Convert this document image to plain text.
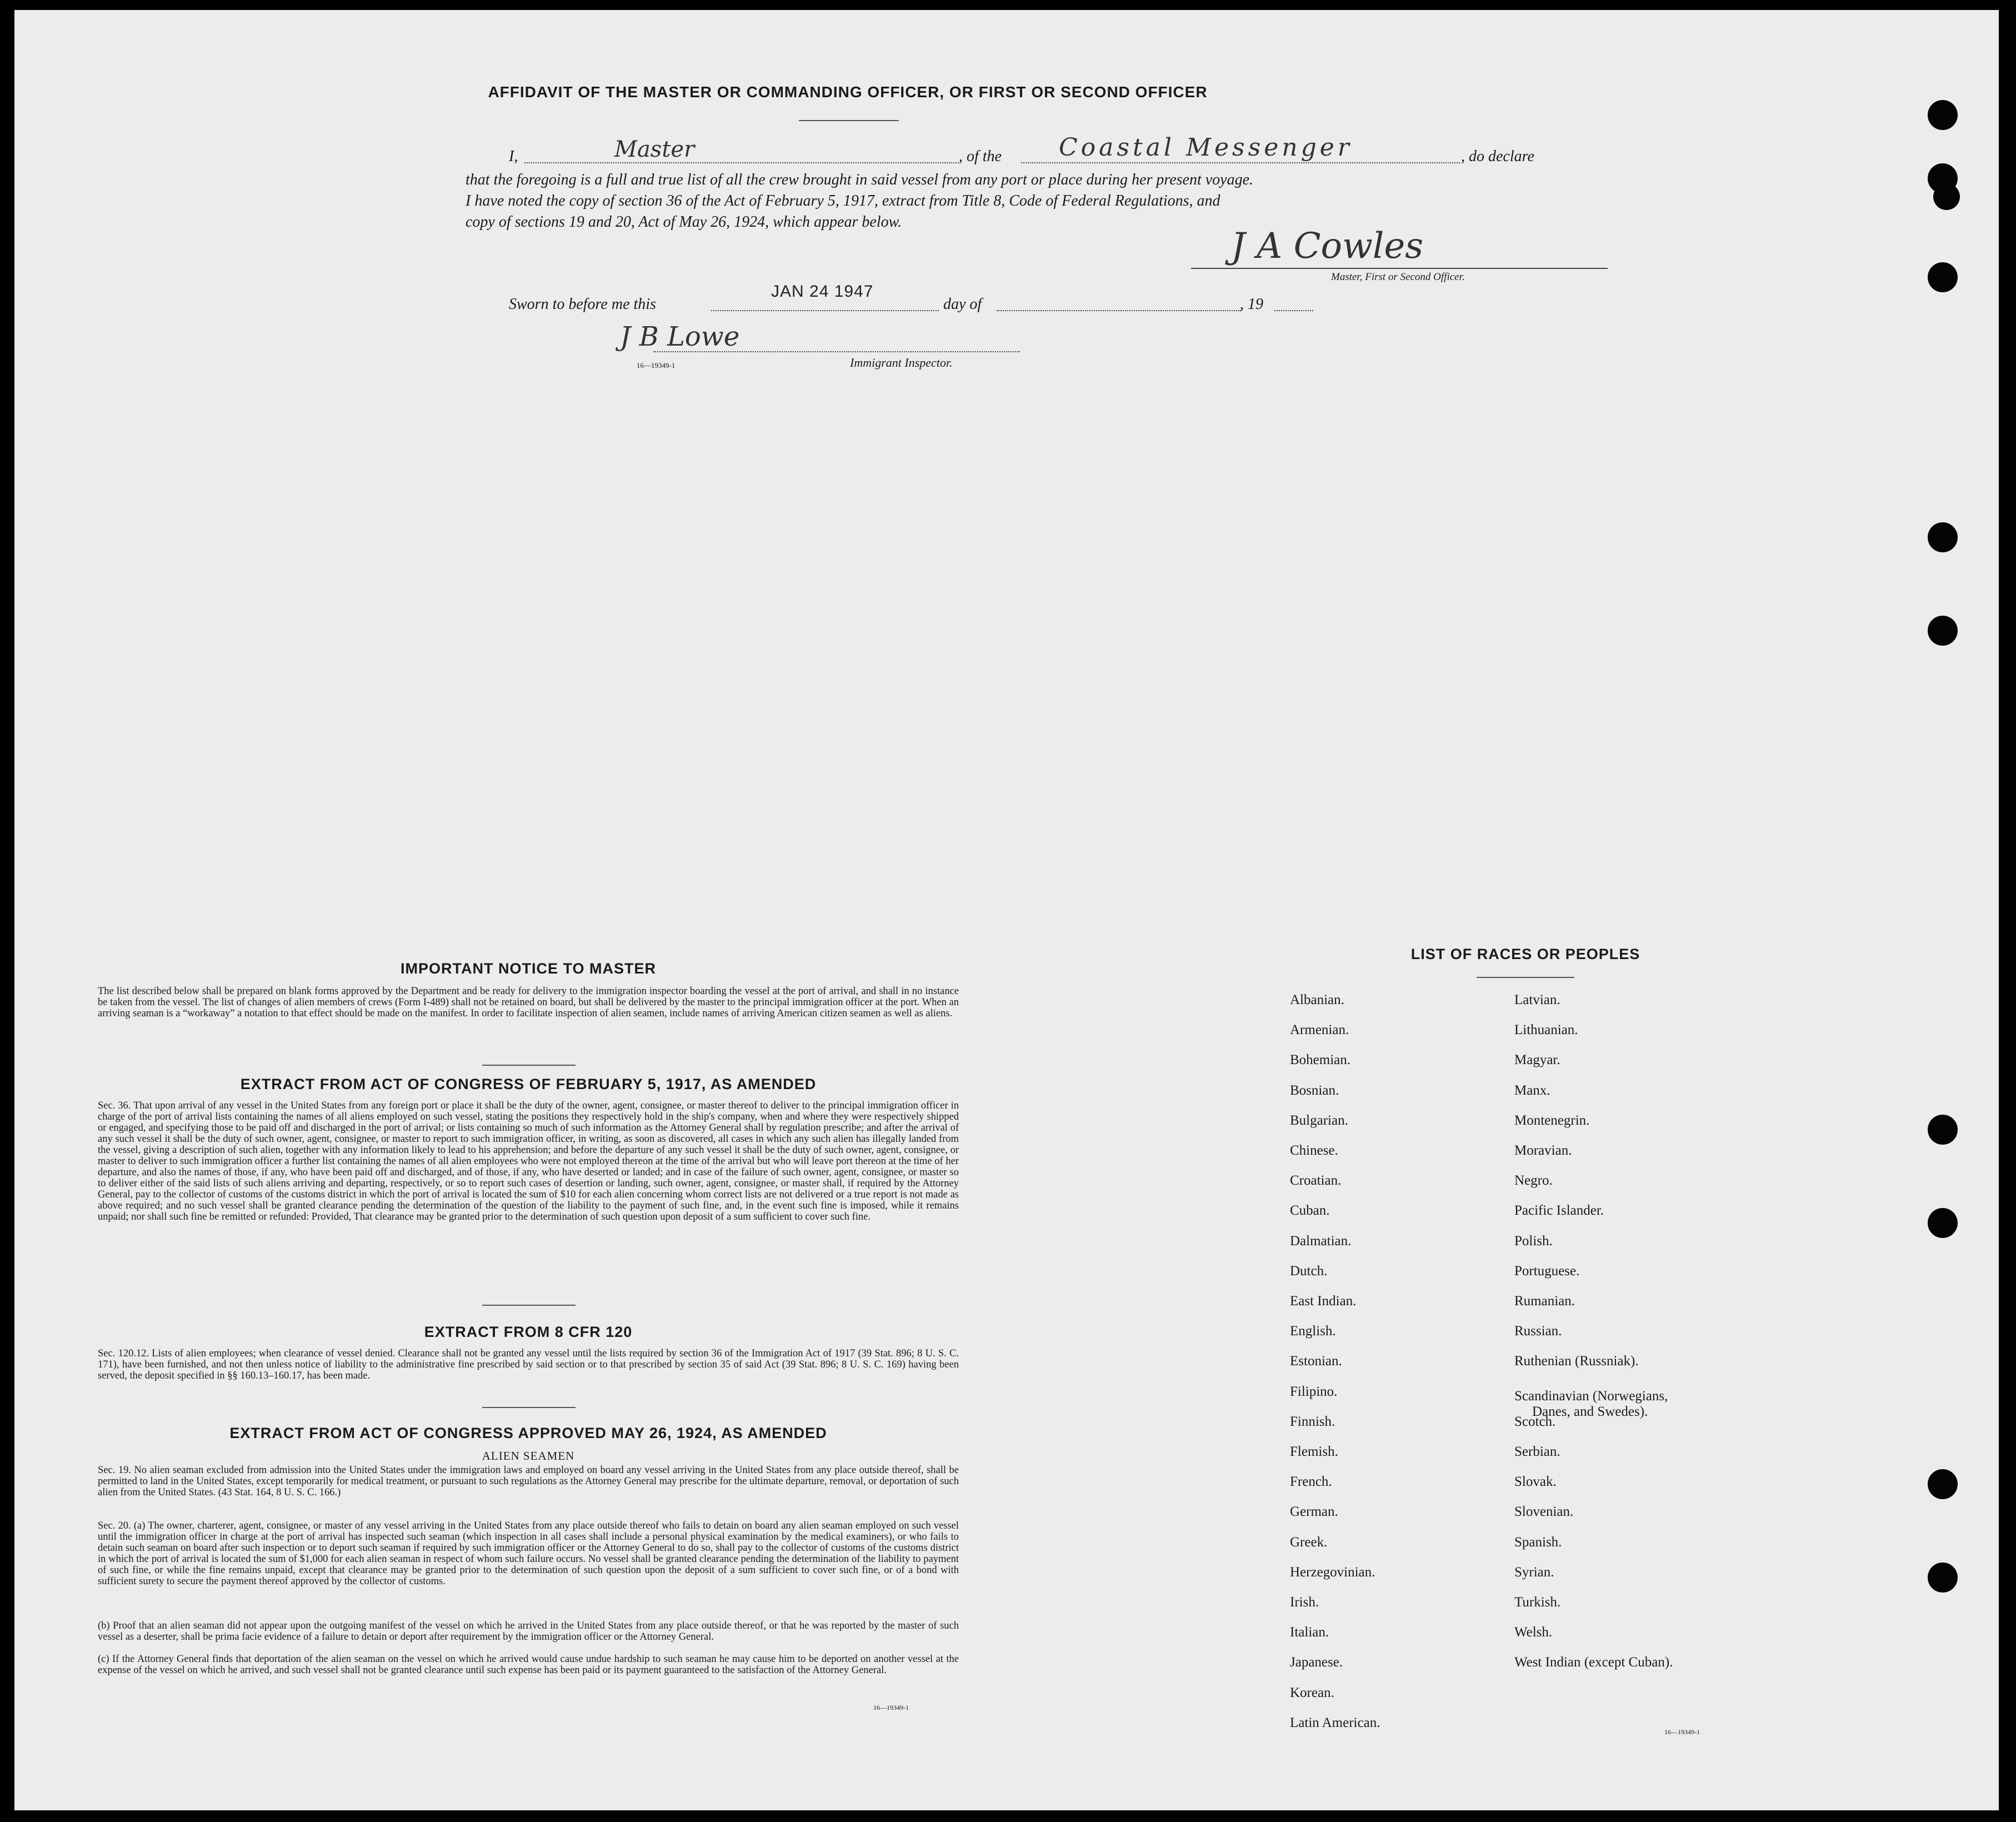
AFFIDAVIT OF THE MASTER OR COMMANDING OFFICER, OR FIRST OR SECOND OFFICER
I,	Master	, of the Coastal Messenger	, do declare
that the foregoing is a full and true list of all the crew brought in said vessel from any port or place during her present voyage.
I have noted the copy of section 36 of the Act of February 5, 1917, extract from Title 8, Code of Federal Regulations, and
copy of sections 19 and 20, Act of May 26, 1924, which appear below.
J A Cowles
Master, First or Second Officer.
Sworn to before me this
JAN 24 1947
day of	, 19
J B Lowe
16—19349-1	Immigrant Inspector.
IMPORTANT NOTICE TO MASTER
The list described below shall be prepared on blank forms approved by the Department and be ready for delivery to the immigration inspector boarding the vessel at the port of arrival, and shall in no instance be taken from the vessel. The list of changes of alien members of crews (Form I-489) shall not be retained on board, but shall be delivered by the master to the principal immigration officer at the port. When an arriving seaman is a “workaway” a notation to that effect should be made on the manifest. In order to facilitate inspection of alien seamen, include names of arriving American citizen seamen as well as aliens.
EXTRACT FROM ACT OF CONGRESS OF FEBRUARY 5, 1917, AS AMENDED
Sec. 36. That upon arrival of any vessel in the United States from any foreign port or place it shall be the duty of the owner, agent, consignee, or master thereof to deliver to the principal immigration officer in charge of the port of arrival lists containing the names of all aliens employed on such vessel, stating the positions they respectively hold in the ship's company, when and where they were respectively shipped or engaged, and specifying those to be paid off and discharged in the port of arrival; or lists containing so much of such information as the Attorney General shall by regulation prescribe; and after the arrival of any such vessel it shall be the duty of such owner, agent, consignee, or master to report to such immigration officer, in writing, as soon as discovered, all cases in which any such alien has illegally landed from the vessel, giving a description of such alien, together with any information likely to lead to his apprehension; and before the departure of any such vessel it shall be the duty of such owner, agent, consignee, or master to deliver to such immigration officer a further list containing the names of all alien employees who were not employed thereon at the time of the arrival but who will leave port thereon at the time of her departure, and also the names of those, if any, who have been paid off and discharged, and of those, if any, who have deserted or landed; and in case of the failure of such owner, agent, consignee, or master so to deliver either of the said lists of such aliens arriving and departing, respectively, or so to report such cases of desertion or landing, such owner, agent, consignee, or master shall, if required by the Attorney General, pay to the collector of customs of the customs district in which the port of arrival is located the sum of $10 for each alien concerning whom correct lists are not delivered or a true report is not made as above required; and no such vessel shall be granted clearance pending the determination of the question of the liability to the payment of such fine, and, in the event such fine is imposed, while it remains unpaid; nor shall such fine be remitted or refunded: Provided, That clearance may be granted prior to the determination of such question upon deposit of a sum sufficient to cover such fine.
EXTRACT FROM 8 CFR 120
Sec. 120.12. Lists of alien employees; when clearance of vessel denied. Clearance shall not be granted any vessel until the lists required by section 36 of the Immigration Act of 1917 (39 Stat. 896; 8 U. S. C. 171), have been furnished, and not then unless notice of liability to the administrative fine prescribed by said section or to that prescribed by section 35 of said Act (39 Stat. 896; 8 U. S. C. 169) having been served, the deposit specified in §§ 160.13–160.17, has been made.
EXTRACT FROM ACT OF CONGRESS APPROVED MAY 26, 1924, AS AMENDED
ALIEN SEAMEN
Sec. 19. No alien seaman excluded from admission into the United States under the immigration laws and employed on board any vessel arriving in the United States from any place outside thereof, shall be permitted to land in the United States, except temporarily for medical treatment, or pursuant to such regulations as the Attorney General may prescribe for the ultimate departure, removal, or deportation of such alien from the United States. (43 Stat. 164, 8 U. S. C. 166.)
Sec. 20. (a) The owner, charterer, agent, consignee, or master of any vessel arriving in the United States from any place outside thereof who fails to detain on board any alien seaman employed on such vessel until the immigration officer in charge at the port of arrival has inspected such seaman (which inspection in all cases shall include a personal physical examination by the medical examiners), or who fails to detain such seaman on board after such inspection or to deport such seaman if required by such immigration officer or the Attorney General to do so, shall pay to the collector of customs of the customs district in which the port of arrival is located the sum of $1,000 for each alien seaman in respect of whom such failure occurs. No vessel shall be granted clearance pending the determination of the liability to payment of such fine, or while the fine remains unpaid, except that clearance may be granted prior to the determination of such question upon the deposit of a sum sufficient to cover such fine, or of a bond with sufficient surety to secure the payment thereof approved by the collector of customs.
(b) Proof that an alien seaman did not appear upon the outgoing manifest of the vessel on which he arrived in the United States from any place outside thereof, or that he was reported by the master of such vessel as a deserter, shall be prima facie evidence of a failure to detain or deport after requirement by the immigration officer or the Attorney General.
(c) If the Attorney General finds that deportation of the alien seaman on the vessel on which he arrived would cause undue hardship to such seaman he may cause him to be deported on another vessel at the expense of the vessel on which he arrived, and such vessel shall not be granted clearance until such expense has been paid or its payment guaranteed to the satisfaction of the Attorney General.
16—19349-1
LIST OF RACES OR PEOPLES
16—19349-1
Albanian.
Armenian.
Bohemian.
Bosnian.
Bulgarian.
Chinese.
Croatian.
Cuban.
Dalmatian.
Dutch.
East Indian.
English.
Estonian.
Filipino.
Finnish.
Flemish.
French.
German.
Greek.
Herzegovinian.
Irish.
Italian.
Japanese.
Korean.
Latin American.
Latvian.
Lithuanian.
Magyar.
Manx.
Montenegrin.
Moravian.
Negro.
Pacific Islander.
Polish.
Portuguese.
Rumanian.
Russian.
Ruthenian (Russniak).
Scandinavian (Norwegians,
Danes, and Swedes).
Scotch.
Serbian.
Slovak.
Slovenian.
Spanish.
Syrian.
Turkish.
Welsh.
West Indian (except Cuban).
